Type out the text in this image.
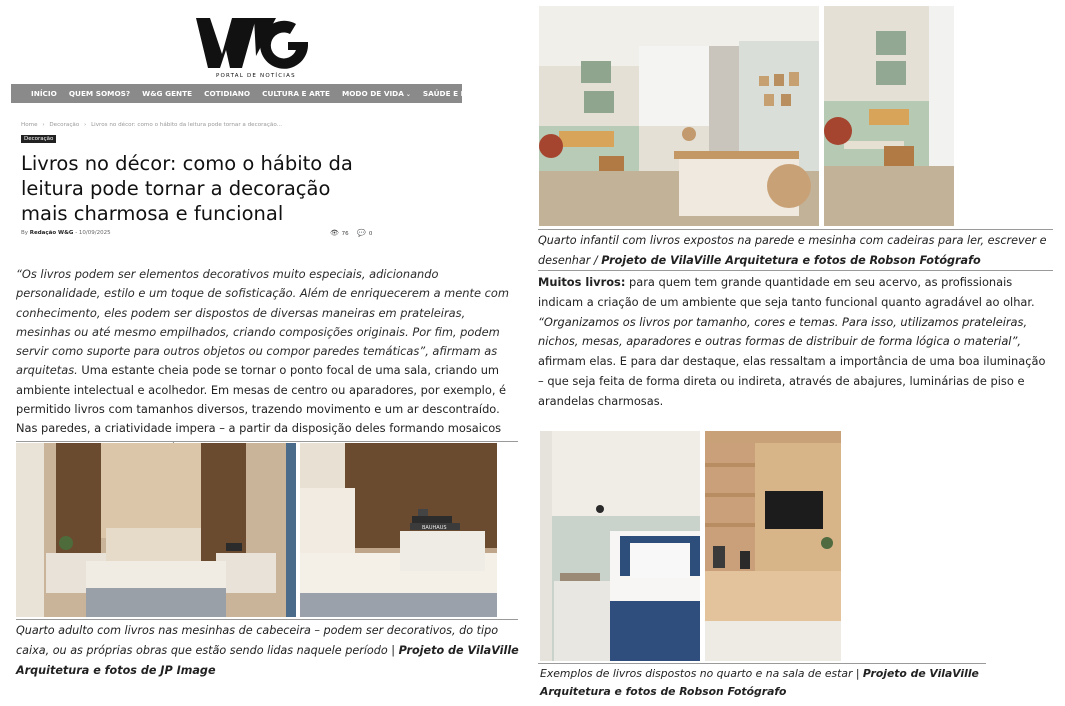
PORTAL DE NOTÍCIAS
INÍCIO QUEM SOMOS? W&G GENTE COTIDIANO CULTURA E ARTE MODO DE VIDA ⌄ SAÚDE E BEM-ESTAR
Home › Decoração › Livros no décor: como o hábito da leitura pode tornar a decoração...
Decoração
Livros no décor: como o hábito da leitura pode tornar a decoração mais charmosa e funcional
By Redação W&G - 10/09/2025	👁 76 💬 0
“Os livros podem ser elementos decorativos muito especiais, adicionando personalidade, estilo e um toque de sofisticação. Além de enriquecerem a mente com conhecimento, eles podem ser dispostos de diversas maneiras em prateleiras, mesinhas ou até mesmo empilhados, criando composições originais. Por fim, podem servir como suporte para outros objetos ou compor paredes temáticas”, afirmam as arquitetas. Uma estante cheia pode se tornar o ponto focal de uma sala, criando um ambiente intelectual e acolhedor. Em mesas de centro ou aparadores, por exemplo, é permitido livros com tamanhos diversos, trazendo movimento e um ar descontraído. Nas paredes, a criatividade impera – a partir da disposição deles formando mosaicos
BAUHAUS
Quarto adulto com livros nas mesinhas de cabeceira – podem ser decorativos, do tipo caixa, ou as próprias obras que estão sendo lidas naquele período | Projeto de VilaVille Arquitetura e fotos de JP Image
Quarto infantil com livros expostos na parede e mesinha com cadeiras para ler, escrever e desenhar / Projeto de VilaVille Arquitetura e fotos de Robson Fotógrafo
Muitos livros: para quem tem grande quantidade em seu acervo, as profissionais indicam a criação de um ambiente que seja tanto funcional quanto agradável ao olhar. “Organizamos os livros por tamanho, cores e temas. Para isso, utilizamos prateleiras, nichos, mesas, aparadores e outras formas de distribuir de forma lógica o material”, afirmam elas. E para dar destaque, elas ressaltam a importância de uma boa iluminação – que seja feita de forma direta ou indireta, através de abajures, luminárias de piso e arandelas charmosas.
Exemplos de livros dispostos no quarto e na sala de estar | Projeto de VilaVille Arquitetura e fotos de Robson Fotógrafo
